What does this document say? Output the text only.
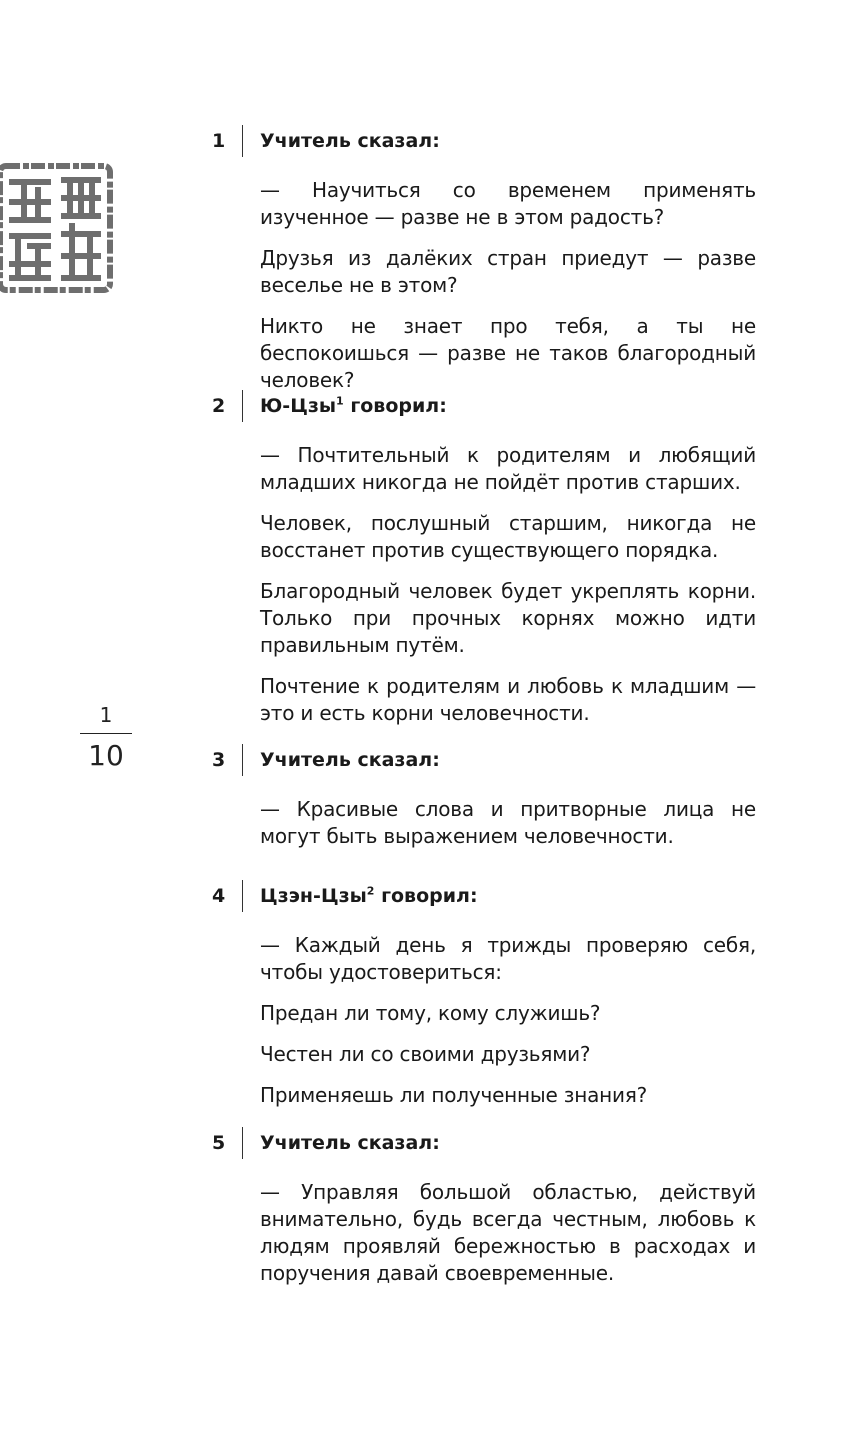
1
10
1	Учитель сказал:

— Научиться со временем применять изученное — разве не в этом радость?

Друзья из далёких стран приедут — разве веселье не в этом?

Никто не знает про тебя, а ты не беспокоишься — разве не таков благородный человек?

2	Ю-Цзы$^1$ говорил:

— Почтительный к родителям и любящий младших никогда не пойдёт против старших.

Человек, послушный старшим, никогда не восстанет против существующего порядка.

Благородный человек будет укреплять корни. Только при прочных корнях можно идти правильным путём.

Почтение к родителям и любовь к младшим — это и есть корни человечности.

3	Учитель сказал:

— Красивые слова и притворные лица не могут быть выражением человечности.

4	Цзэн-Цзы$^2$ говорил:

— Каждый день я трижды проверяю себя, чтобы удостовериться:

Предан ли тому, кому служишь?

Честен ли со своими друзьями?

Применяешь ли полученные знания?

5	Учитель сказал:

— Управляя большой областью, действуй внимательно, будь всегда честным, любовь к людям проявляй бережностью в расходах и поручения давай своевременные.
